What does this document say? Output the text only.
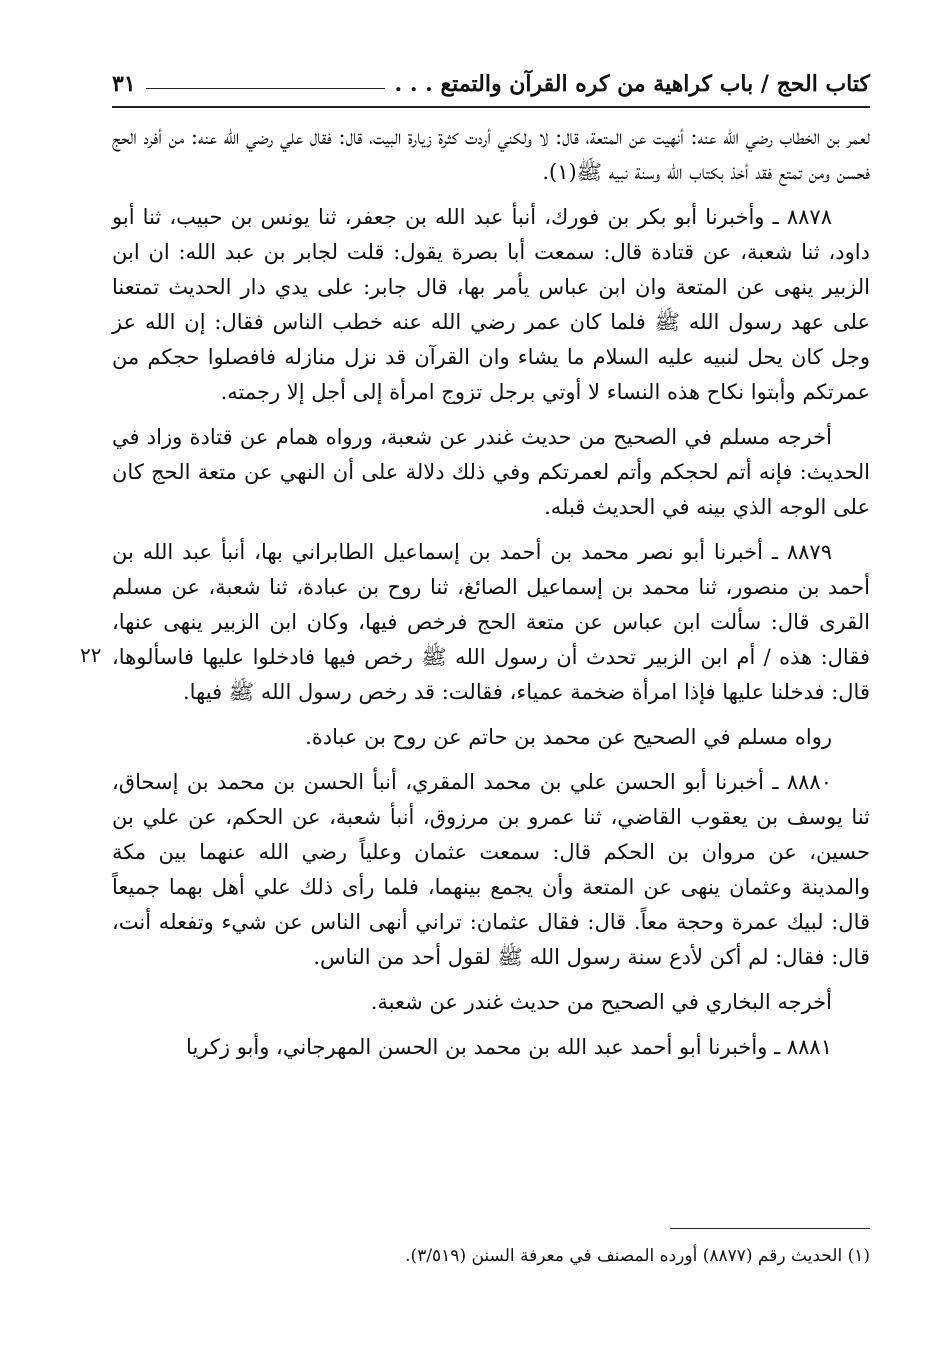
كتاب الحج / باب كراهية من كره القرآن والتمتع . . .
٣١

لعمر بن الخطاب رضي الله عنه: أنهيت عن المتعة، قال: لا ولكني أردت كثرة زيارة البيت، قال: فقال علي رضي الله عنه: من أفرد الحج فحسن ومن تمتع فقد أخذ بكتاب الله وسنة نبيه ﷺ(١).

٨٨٧٨ ـ وأخبرنا أبو بكر بن فورك، أنبأ عبد الله بن جعفر، ثنا يونس بن حبيب، ثنا أبو داود، ثنا شعبة، عن قتادة قال: سمعت أبا بصرة يقول: قلت لجابر بن عبد الله: ان ابن الزبير ينهى عن المتعة وان ابن عباس يأمر بها، قال جابر: على يدي دار الحديث تمتعنا على عهد رسول الله ﷺ فلما كان عمر رضي الله عنه خطب الناس فقال: إن الله عز وجل كان يحل لنبيه عليه السلام ما يشاء وان القرآن قد نزل منازله فافصلوا حجكم من عمرتكم وأبتوا نكاح هذه النساء لا أوتي برجل تزوج امرأة إلى أجل إلا رجمته.

أخرجه مسلم في الصحيح من حديث غندر عن شعبة، ورواه همام عن قتادة وزاد في الحديث: فإنه أتم لحجكم وأتم لعمرتكم وفي ذلك دلالة على أن النهي عن متعة الحج كان على الوجه الذي بينه في الحديث قبله.

٢٢

٨٨٧٩ ـ أخبرنا أبو نصر محمد بن أحمد بن إسماعيل الطابراني بها، أنبأ عبد الله بن أحمد بن منصور، ثنا محمد بن إسماعيل الصائغ، ثنا روح بن عبادة، ثنا شعبة، عن مسلم القرى قال: سألت ابن عباس عن متعة الحج فرخص فيها، وكان ابن الزبير ينهى عنها، فقال: هذه / أم ابن الزبير تحدث أن رسول الله ﷺ رخص فيها فادخلوا عليها فاسألوها، قال: فدخلنا عليها فإذا امرأة ضخمة عمياء، فقالت: قد رخص رسول الله ﷺ فيها.

رواه مسلم في الصحيح عن محمد بن حاتم عن روح بن عبادة.

٨٨٨٠ ـ أخبرنا أبو الحسن علي بن محمد المقري، أنبأ الحسن بن محمد بن إسحاق، ثنا يوسف بن يعقوب القاضي، ثنا عمرو بن مرزوق، أنبأ شعبة، عن الحكم، عن علي بن حسين، عن مروان بن الحكم قال: سمعت عثمان وعلياً رضي الله عنهما بين مكة والمدينة وعثمان ينهى عن المتعة وأن يجمع بينهما، فلما رأى ذلك علي أهل بهما جميعاً قال: لبيك عمرة وحجة معاً. قال: فقال عثمان: تراني أنهى الناس عن شيء وتفعله أنت، قال: فقال: لم أكن لأدع سنة رسول الله ﷺ لقول أحد من الناس.

أخرجه البخاري في الصحيح من حديث غندر عن شعبة.

٨٨٨١ ـ وأخبرنا أبو أحمد عبد الله بن محمد بن الحسن المهرجاني، وأبو زكريا

(١) الحديث رقم (٨٨٧٧) أورده المصنف في معرفة السنن (٣/٥١٩).
